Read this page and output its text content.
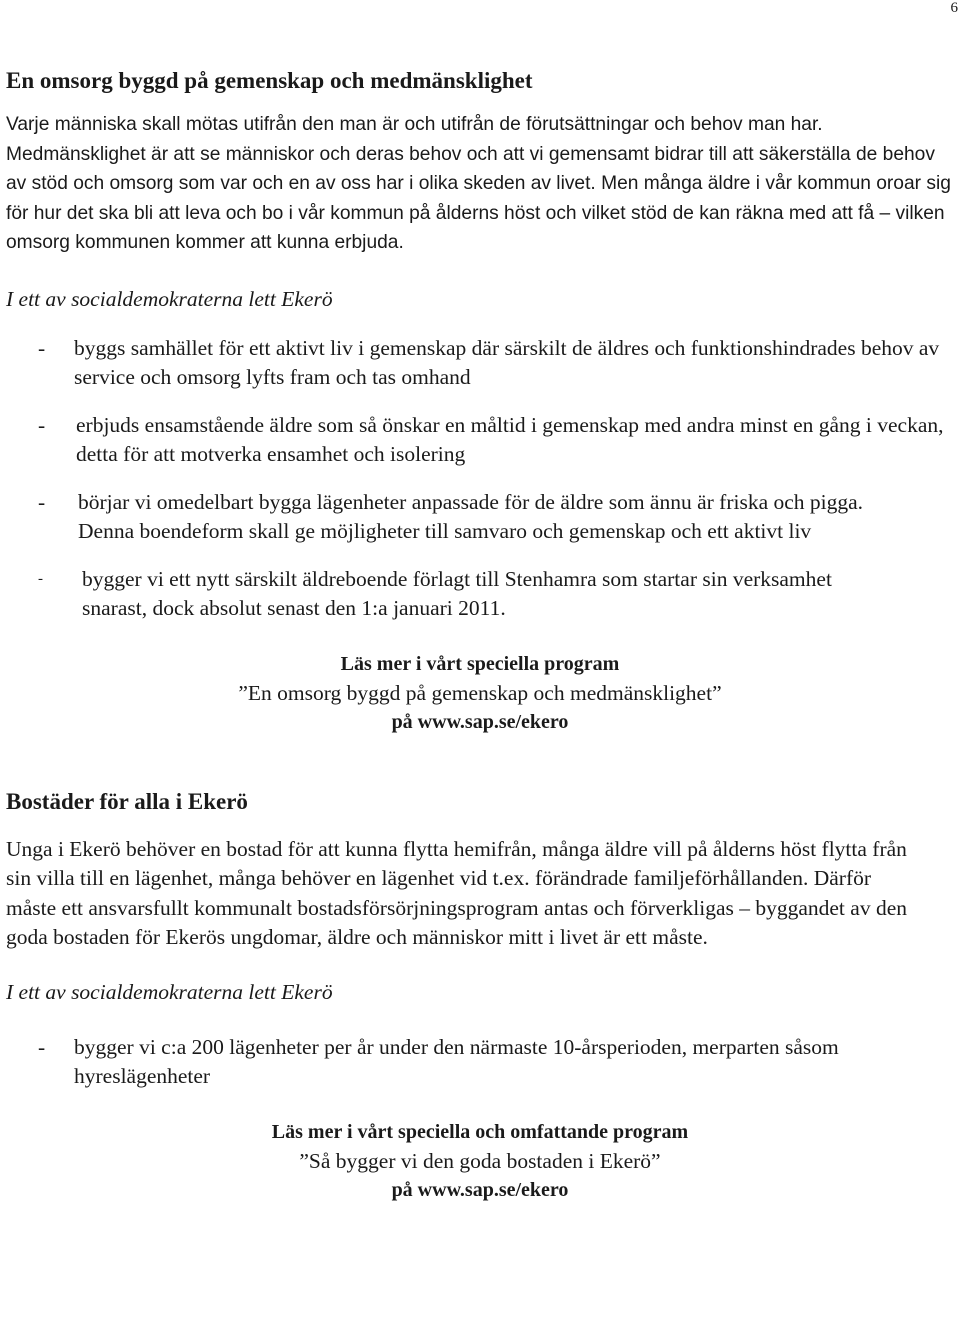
6
En omsorg byggd på gemenskap och medmänsklighet

Varje människa skall mötas utifrån den man är och utifrån de förutsättningar och behov man har. Medmänsklighet är att se människor och deras behov och att vi gemensamt bidrar till att säkerställa de behov av stöd och omsorg som var och en av oss har i olika skeden av livet. Men många äldre i vår kommun oroar sig för hur det ska bli att leva och bo i vår kommun på ålderns höst och vilket stöd de kan räkna med att få – vilken omsorg kommunen kommer att kunna erbjuda.

I ett av socialdemokraterna lett Ekerö

- byggs samhället för ett aktivt liv i gemenskap där särskilt de äldres och funktionshindrades behov av service och omsorg lyfts fram och tas omhand
- erbjuds ensamstående äldre som så önskar en måltid i gemenskap med andra minst en gång i veckan, detta för att motverka ensamhet och isolering
- börjar vi omedelbart bygga lägenheter anpassade för de äldre som ännu är friska och pigga. Denna boendeform skall ge möjligheter till samvaro och gemenskap och ett aktivt liv
- bygger vi ett nytt särskilt äldreboende förlagt till Stenhamra som startar sin verksamhet snarast, dock absolut senast den 1:a januari 2011.
Läs mer i vårt speciella program
”En omsorg byggd på gemenskap och medmänsklighet”
på www.sap.se/ekero
Bostäder för alla i Ekerö

Unga i Ekerö behöver en bostad för att kunna flytta hemifrån, många äldre vill på ålderns höst flytta från sin villa till en lägenhet, många behöver en lägenhet vid t.ex. förändrade familjeförhållanden. Därför måste ett ansvarsfullt kommunalt bostadsförsörjningsprogram antas och förverkligas – byggandet av den goda bostaden för Ekerös ungdomar, äldre och människor mitt i livet är ett måste.

I ett av socialdemokraterna lett Ekerö

- bygger vi c:a 200 lägenheter per år under den närmaste 10-årsperioden, merparten såsom hyreslägenheter
Läs mer i vårt speciella och omfattande program
”Så bygger vi den goda bostaden i Ekerö”
på www.sap.se/ekero
